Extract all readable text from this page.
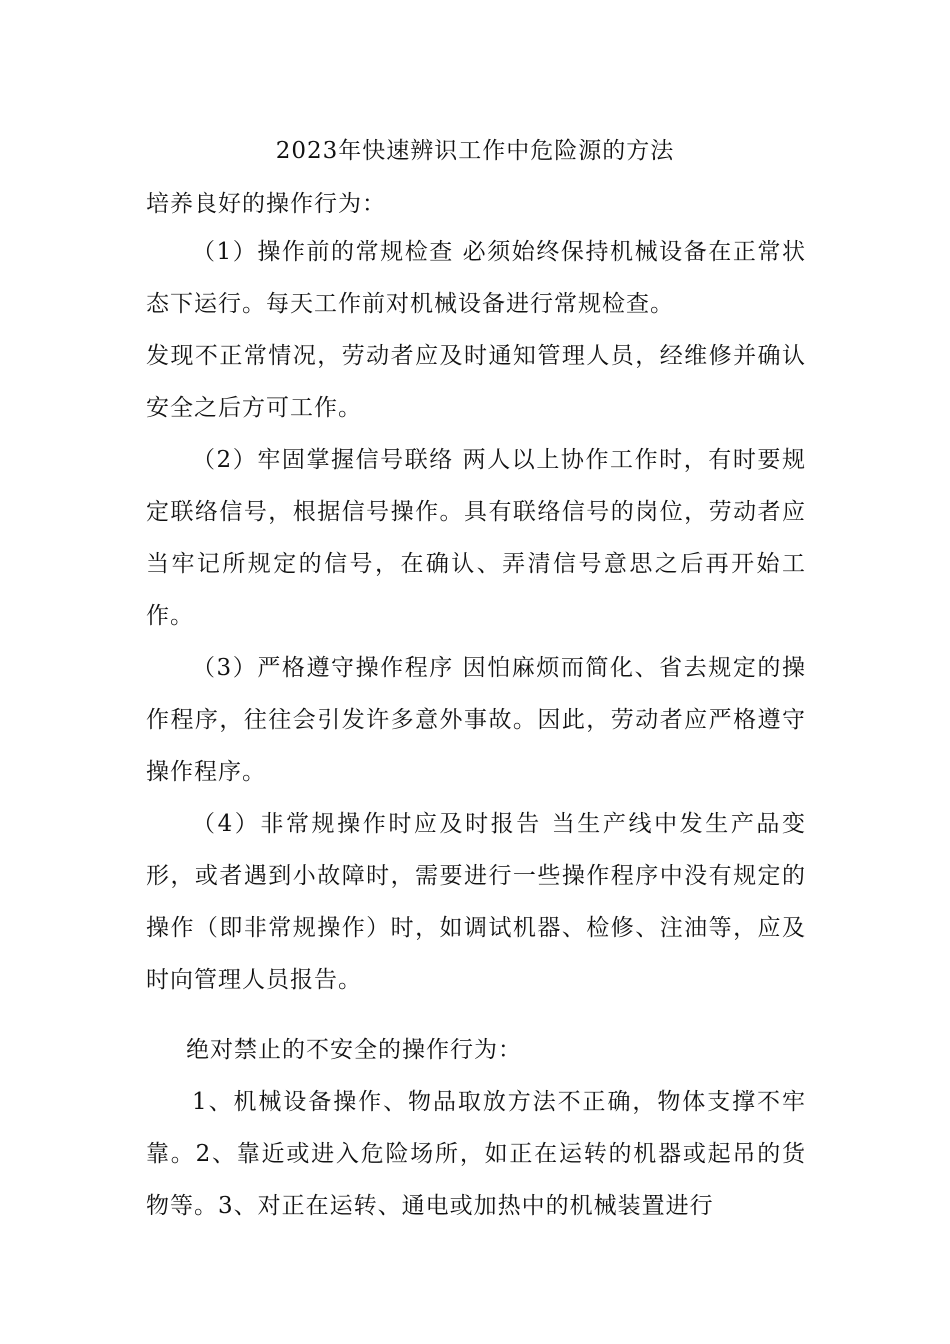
2023年快速辨识工作中危险源的方法

培养良好的操作行为：

（1）操作前的常规检查 必须始终保持机械设备在正常状态下运行。每天工作前对机械设备进行常规检查。

发现不正常情况，劳动者应及时通知管理人员，经维修并确认安全之后方可工作。

（2）牢固掌握信号联络 两人以上协作工作时，有时要规定联络信号，根据信号操作。具有联络信号的岗位，劳动者应当牢记所规定的信号，在确认、弄清信号意思之后再开始工作。

（3）严格遵守操作程序 因怕麻烦而简化、省去规定的操作程序，往往会引发许多意外事故。因此，劳动者应严格遵守操作程序。

（4）非常规操作时应及时报告 当生产线中发生产品变形，或者遇到小故障时，需要进行一些操作程序中没有规定的操作（即非常规操作）时，如调试机器、检修、注油等，应及时向管理人员报告。

绝对禁止的不安全的操作行为：

1、机械设备操作、物品取放方法不正确，物体支撑不牢靠。2、靠近或进入危险场所，如正在运转的机器或起吊的货物等。3、对正在运转、通电或加热中的机械装置进行
